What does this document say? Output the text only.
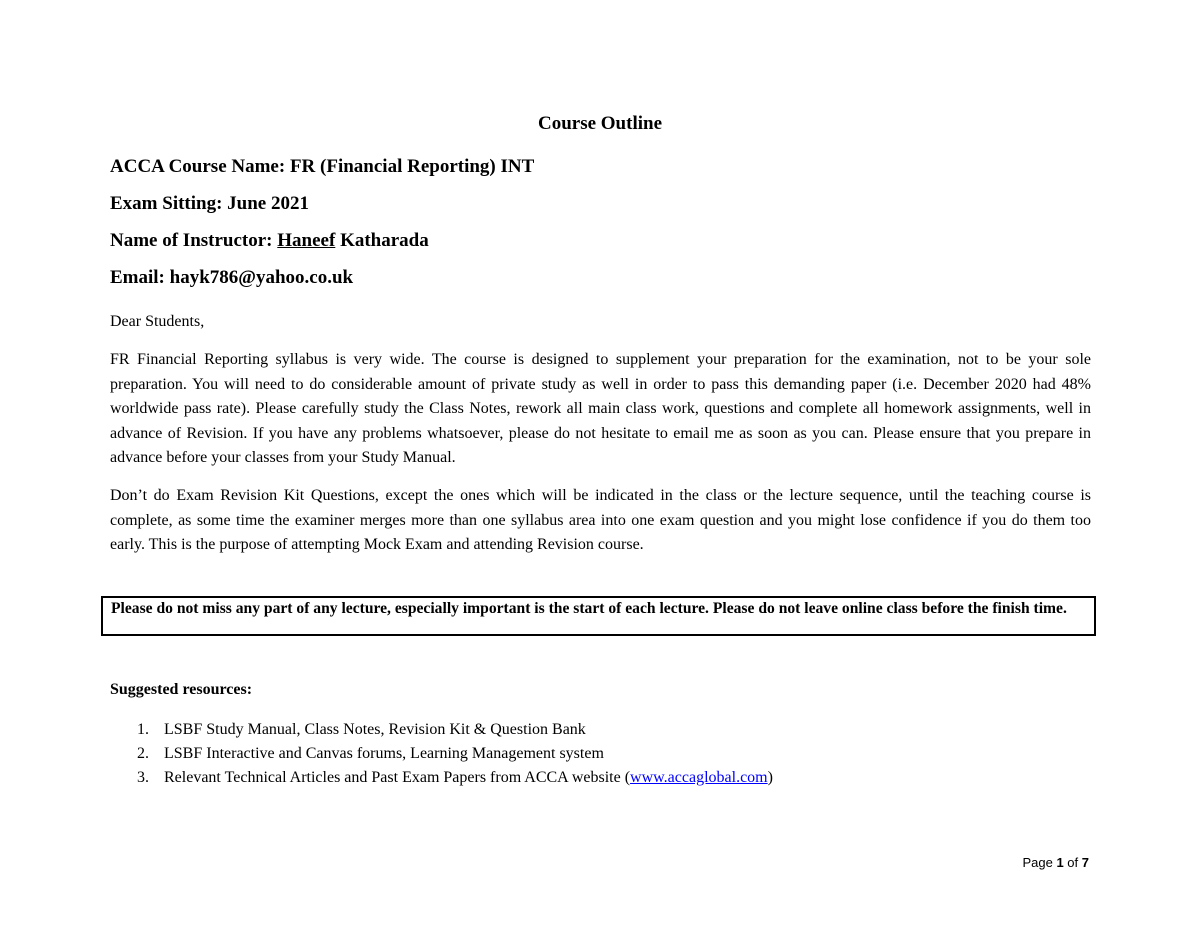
Course Outline
ACCA Course Name: FR (Financial Reporting) INT
Exam Sitting: June 2021
Name of Instructor: Haneef Katharada
Email: hayk786@yahoo.co.uk
Dear Students,
FR Financial Reporting syllabus is very wide. The course is designed to supplement your preparation for the examination, not to be your sole preparation. You will need to do considerable amount of private study as well in order to pass this demanding paper (i.e. December 2020 had 48% worldwide pass rate). Please carefully study the Class Notes, rework all main class work, questions and complete all homework assignments, well in advance of Revision. If you have any problems whatsoever, please do not hesitate to email me as soon as you can. Please ensure that you prepare in advance before your classes from your Study Manual.
Don’t do Exam Revision Kit Questions, except the ones which will be indicated in the class or the lecture sequence, until the teaching course is complete, as some time the examiner merges more than one syllabus area into one exam question and you might lose confidence if you do them too early. This is the purpose of attempting Mock Exam and attending Revision course.
Please do not miss any part of any lecture, especially important is the start of each lecture. Please do not leave online class before the finish time.
Suggested resources:
1. LSBF Study Manual, Class Notes, Revision Kit & Question Bank
2. LSBF Interactive and Canvas forums, Learning Management system
3. Relevant Technical Articles and Past Exam Papers from ACCA website (www.accaglobal.com)
Page 1 of 7
